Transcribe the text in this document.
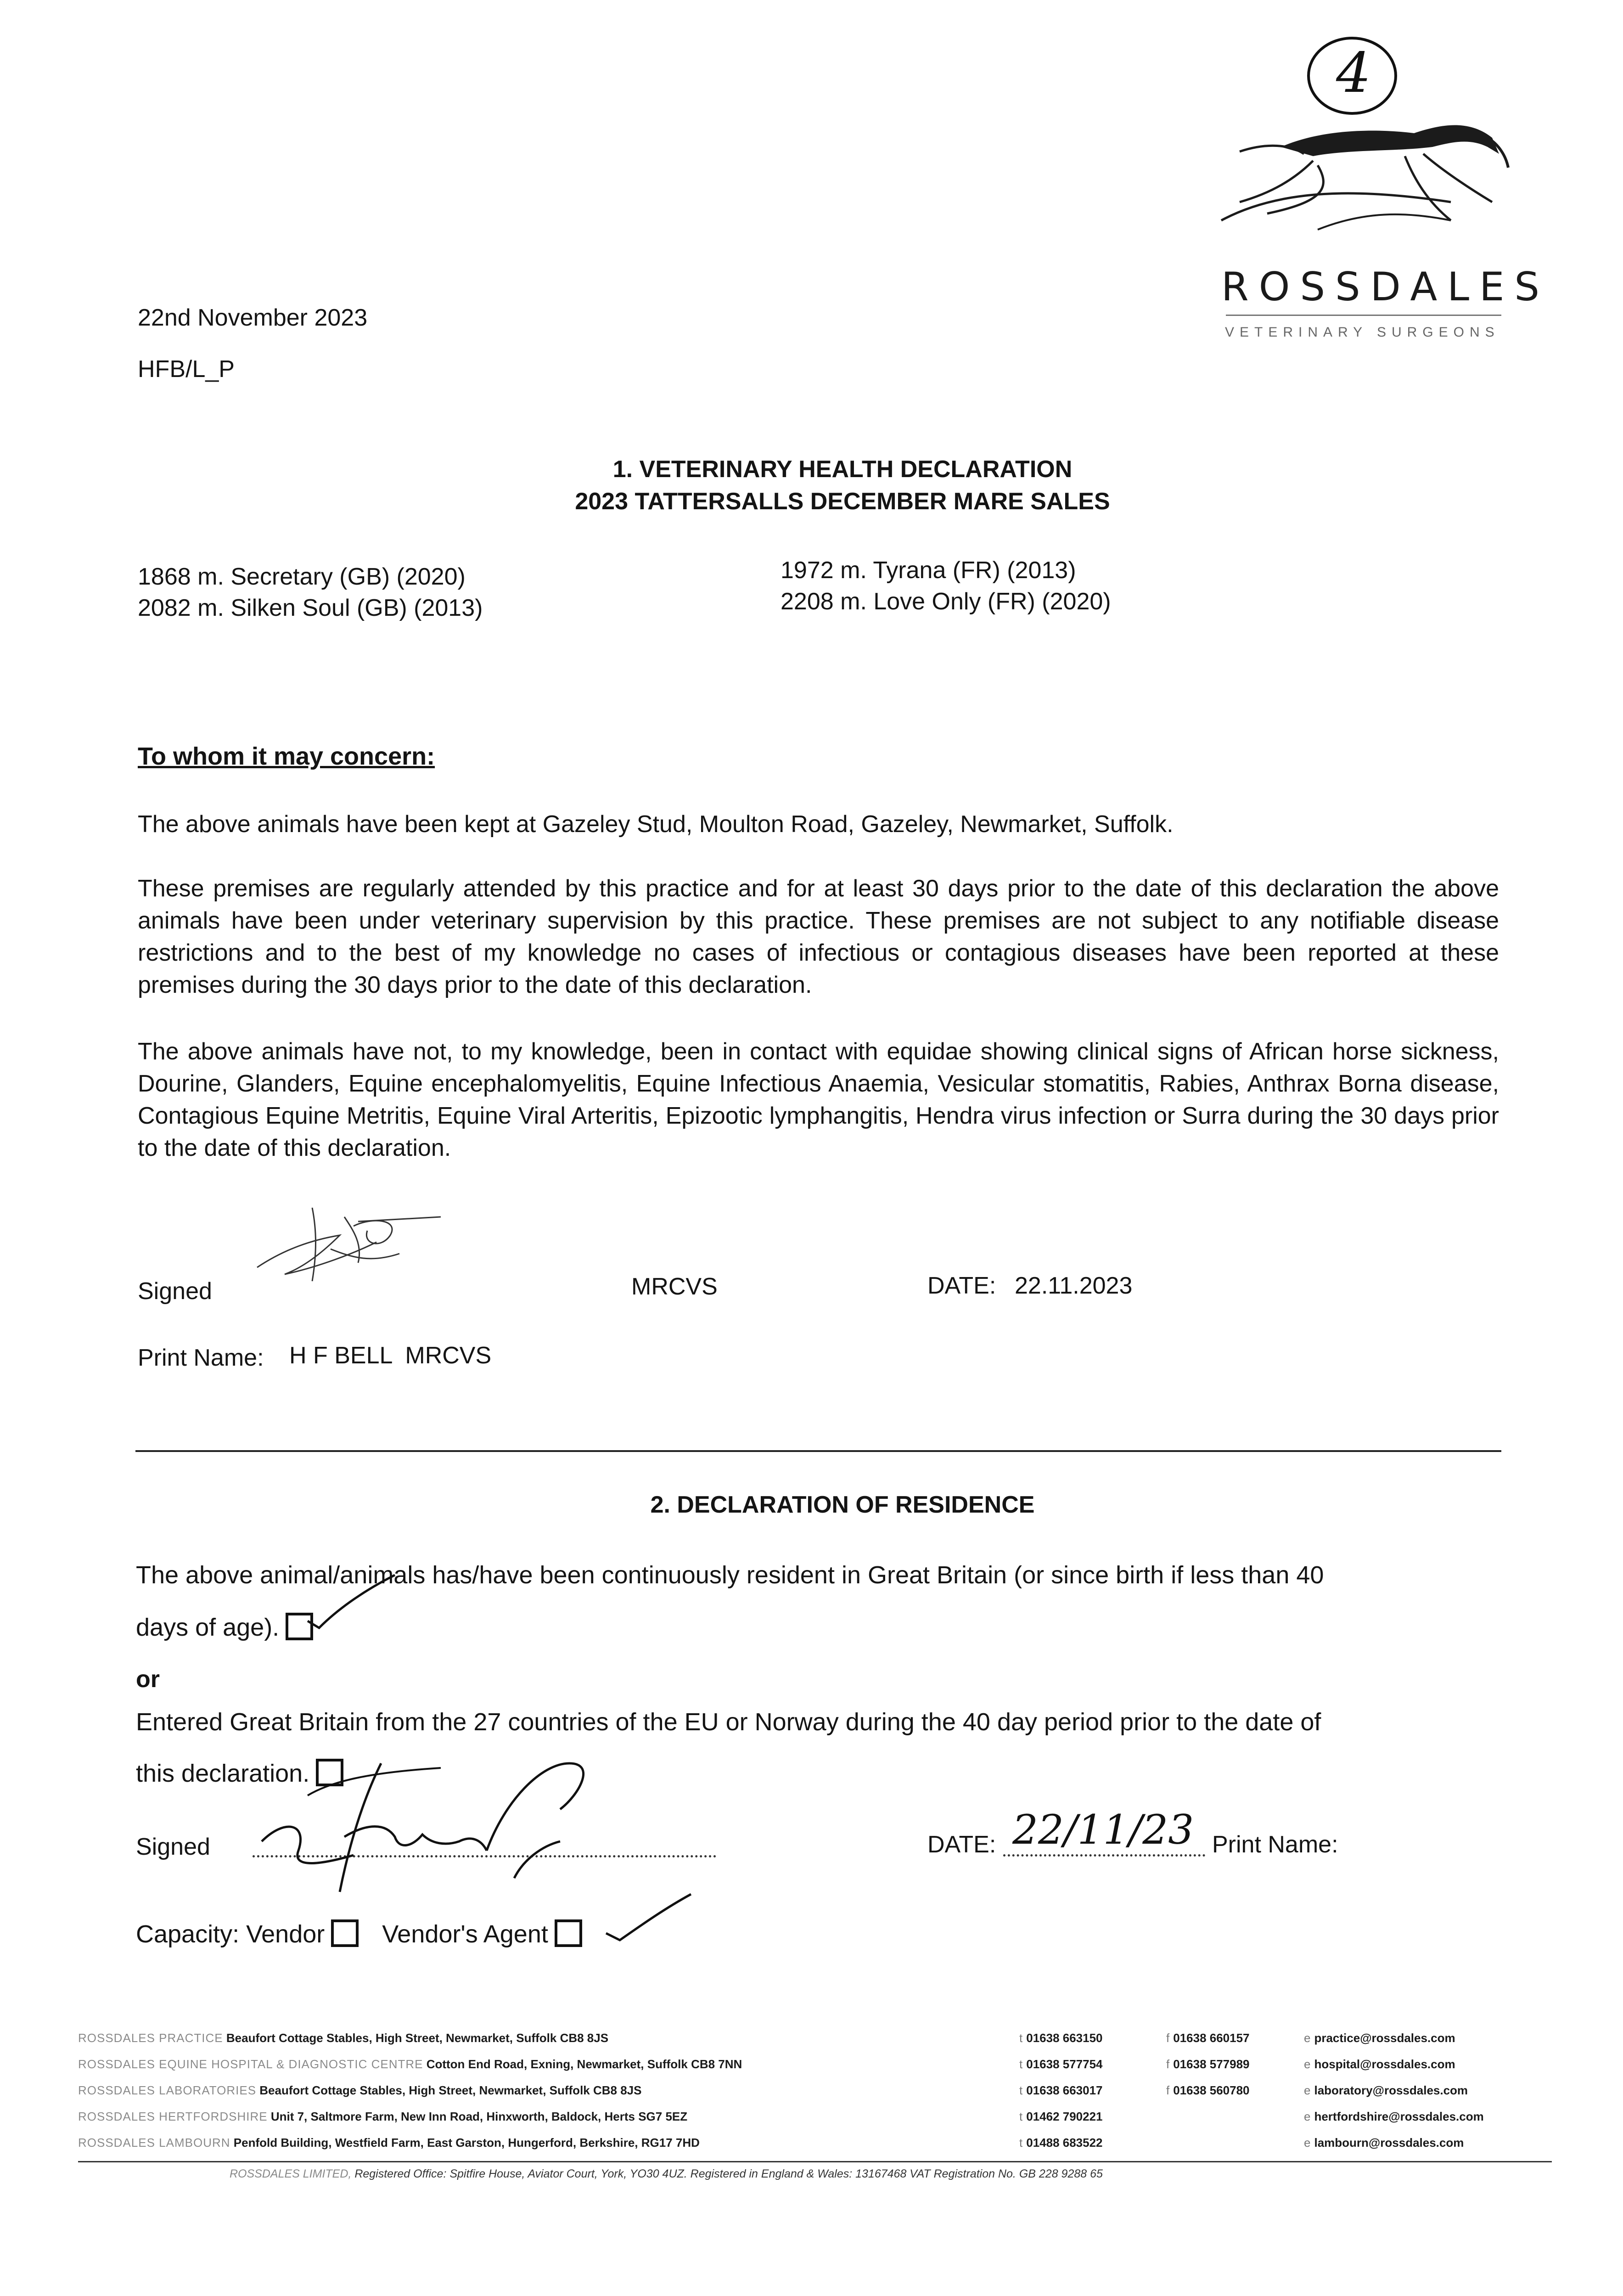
4
ROSSDALES
VETERINARY SURGEONS
22nd November 2023
HFB/L_P
1. VETERINARY HEALTH DECLARATION
2023 TATTERSALLS DECEMBER MARE SALES
1868 m. Secretary (GB) (2020)
2082 m. Silken Soul (GB) (2013)
1972 m. Tyrana (FR) (2013)
2208 m. Love Only (FR) (2020)
To whom it may concern:
The above animals have been kept at Gazeley Stud, Moulton Road, Gazeley, Newmarket, Suffolk.
These premises are regularly attended by this practice and for at least 30 days prior to the date of this declaration the above animals have been under veterinary supervision by this practice. These premises are not subject to any notifiable disease restrictions and to the best of my knowledge no cases of infectious or contagious diseases have been reported at these premises during the 30 days prior to the date of this declaration.
The above animals have not, to my knowledge, been in contact with equidae showing clinical signs of African horse sickness, Dourine, Glanders, Equine encephalomyelitis, Equine Infectious Anaemia, Vesicular stomatitis, Rabies, Anthrax Borna disease, Contagious Equine Metritis, Equine Viral Arteritis, Epizootic lymphangitis, Hendra virus infection or Surra during the 30 days prior to the date of this declaration.
Signed	MRCVS	DATE: 22.11.2023
Print Name: H F BELL  MRCVS
2. DECLARATION OF RESIDENCE
The above animal/animals has/have been continuously resident in Great Britain (or since birth if less than 40
days of age).
or
Entered Great Britain from the 27 countries of the EU or Norway during the 40 day period prior to the date of
this declaration.
Signed	DATE: 22/11/23 Print Name:
Capacity: Vendor Vendor's Agent
ROSSDALES PRACTICE Beaufort Cottage Stables, High Street, Newmarket, Suffolk CB8 8JS	t 01638 663150	f 01638 660157	e practice@rossdales.com
ROSSDALES EQUINE HOSPITAL & DIAGNOSTIC CENTRE Cotton End Road, Exning, Newmarket, Suffolk CB8 7NN	t 01638 577754	f 01638 577989	e hospital@rossdales.com
ROSSDALES LABORATORIES Beaufort Cottage Stables, High Street, Newmarket, Suffolk CB8 8JS	t 01638 663017	f 01638 560780	e laboratory@rossdales.com
ROSSDALES HERTFORDSHIRE Unit 7, Saltmore Farm, New Inn Road, Hinxworth, Baldock, Herts SG7 5EZ	t 01462 790221	e hertfordshire@rossdales.com
ROSSDALES LAMBOURN Penfold Building, Westfield Farm, East Garston, Hungerford, Berkshire, RG17 7HD	t 01488 683522	e lambourn@rossdales.com
ROSSDALES LIMITED, Registered Office: Spitfire House, Aviator Court, York, YO30 4UZ. Registered in England & Wales: 13167468 VAT Registration No. GB 228 9288 65
